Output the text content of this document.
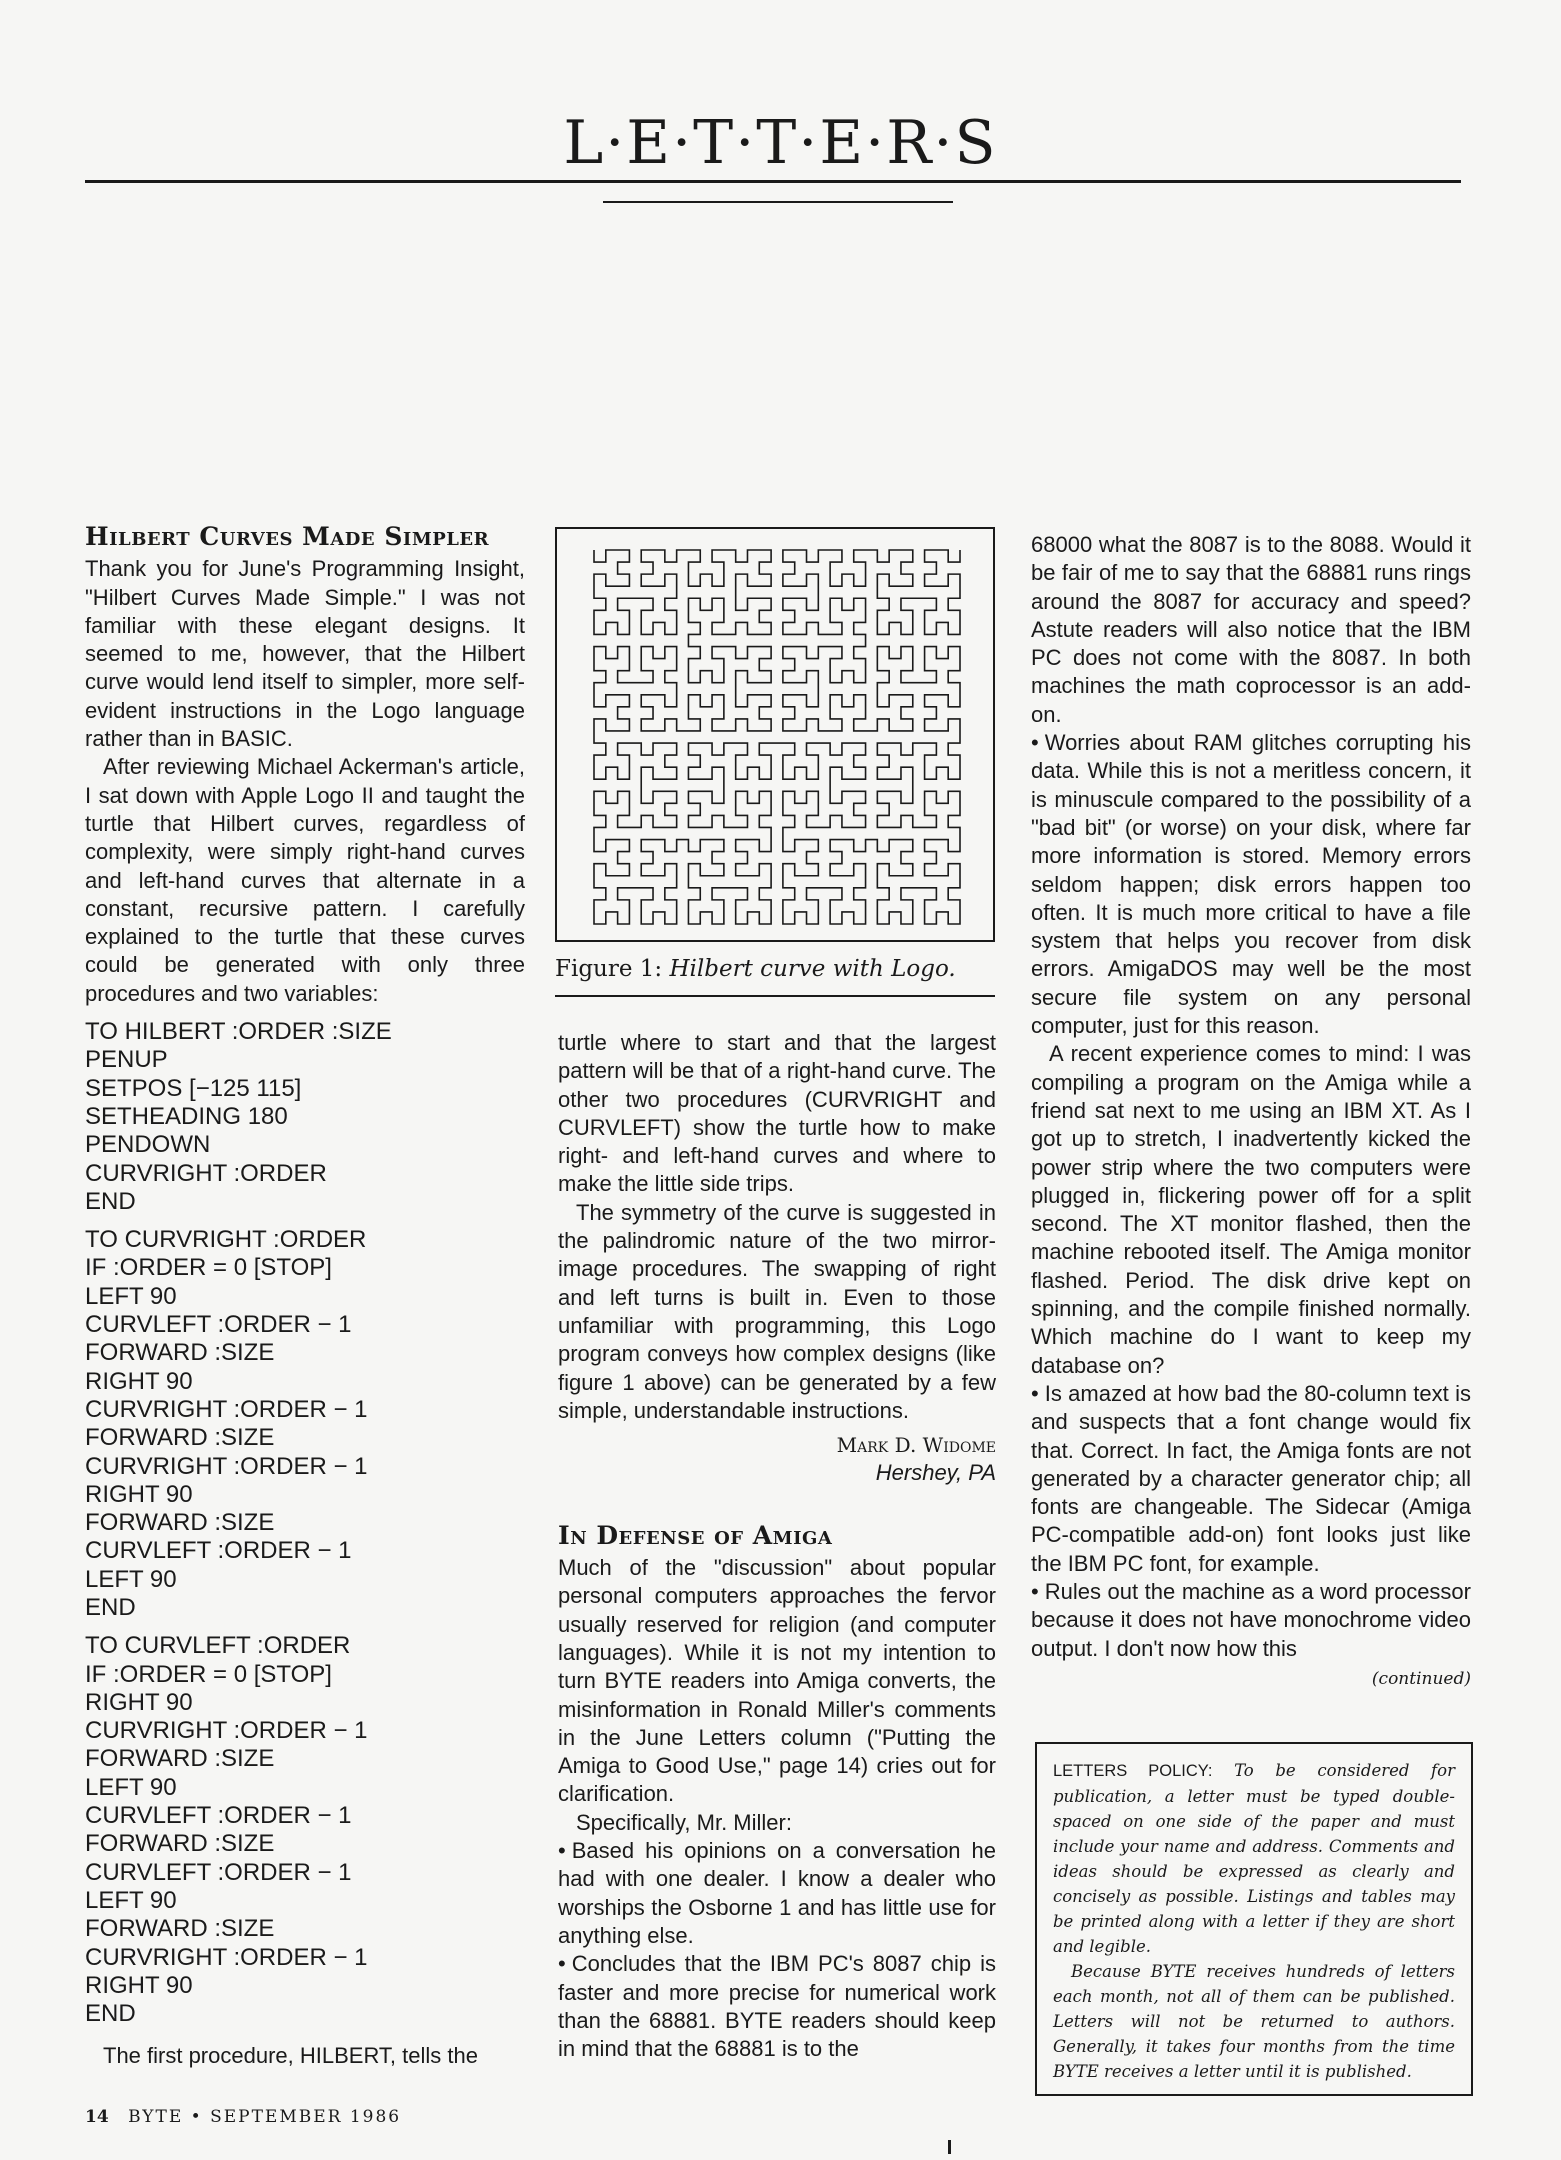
L·E·T·T·E·R·S
Hilbert Curves Made Simpler

Thank you for June's Programming Insight, "Hilbert Curves Made Simple." I was not familiar with these elegant designs. It seemed to me, however, that the Hilbert curve would lend itself to simpler, more self-evident instructions in the Logo language rather than in BASIC.

After reviewing Michael Ackerman's article, I sat down with Apple Logo II and taught the turtle that Hilbert curves, regardless of complexity, were simply right-hand curves and left-hand curves that alternate in a constant, recursive pattern. I carefully explained to the turtle that these curves could be generated with only three procedures and two variables:

TO HILBERT :ORDER :SIZE
PENUP
SETPOS [−125 115]
SETHEADING 180
PENDOWN
CURVRIGHT :ORDER
END
TO CURVRIGHT :ORDER
IF :ORDER = 0 [STOP]
LEFT 90
CURVLEFT :ORDER − 1
FORWARD :SIZE
RIGHT 90
CURVRIGHT :ORDER − 1
FORWARD :SIZE
CURVRIGHT :ORDER − 1
RIGHT 90
FORWARD :SIZE
CURVLEFT :ORDER − 1
LEFT 90
END
TO CURVLEFT :ORDER
IF :ORDER = 0 [STOP]
RIGHT 90
CURVRIGHT :ORDER − 1
FORWARD :SIZE
LEFT 90
CURVLEFT :ORDER − 1
FORWARD :SIZE
CURVLEFT :ORDER − 1
LEFT 90
FORWARD :SIZE
CURVRIGHT :ORDER − 1
RIGHT 90
END

The first procedure, HILBERT, tells the

Figure 1: Hilbert curve with Logo.

turtle where to start and that the largest pattern will be that of a right-hand curve. The other two procedures (CURVRIGHT and CURVLEFT) show the turtle how to make right- and left-hand curves and where to make the little side trips.

The symmetry of the curve is suggested in the palindromic nature of the two mirror-image procedures. The swapping of right and left turns is built in. Even to those unfamiliar with programming, this Logo program conveys how complex designs (like figure 1 above) can be generated by a few simple, understandable instructions.

Mark D. Widome
Hershey, PA
In Defense of Amiga

Much of the "discussion" about popular personal computers approaches the fervor usually reserved for religion (and computer languages). While it is not my intention to turn BYTE readers into Amiga converts, the misinformation in Ronald Miller's comments in the June Letters column ("Putting the Amiga to Good Use," page 14) cries out for clarification.

Specifically, Mr. Miller:

• Based his opinions on a conversation he had with one dealer. I know a dealer who worships the Osborne 1 and has little use for anything else.

• Concludes that the IBM PC's 8087 chip is faster and more precise for numerical work than the 68881. BYTE readers should keep in mind that the 68881 is to the

68000 what the 8087 is to the 8088. Would it be fair of me to say that the 68881 runs rings around the 8087 for accuracy and speed? Astute readers will also notice that the IBM PC does not come with the 8087. In both machines the math coprocessor is an add-on.

• Worries about RAM glitches corrupting his data. While this is not a meritless concern, it is minuscule compared to the possibility of a "bad bit" (or worse) on your disk, where far more information is stored. Memory errors seldom happen; disk errors happen too often. It is much more critical to have a file system that helps you recover from disk errors. AmigaDOS may well be the most secure file system on any personal computer, just for this reason.

A recent experience comes to mind: I was compiling a program on the Amiga while a friend sat next to me using an IBM XT. As I got up to stretch, I inadvertently kicked the power strip where the two computers were plugged in, flickering power off for a split second. The XT monitor flashed, then the machine rebooted itself. The Amiga monitor flashed. Period. The disk drive kept on spinning, and the compile finished normally. Which machine do I want to keep my database on?

• Is amazed at how bad the 80-column text is and suspects that a font change would fix that. Correct. In fact, the Amiga fonts are not generated by a character generator chip; all fonts are changeable. The Sidecar (Amiga PC-compatible add-on) font looks just like the IBM PC font, for example.

• Rules out the machine as a word processor because it does not have monochrome video output. I don't now how this

(continued)

LETTERS POLICY: To be considered for publication, a letter must be typed double-spaced on one side of the paper and must include your name and address. Comments and ideas should be expressed as clearly and concisely as possible. Listings and tables may be printed along with a letter if they are short and legible.

Because BYTE receives hundreds of letters each month, not all of them can be published. Letters will not be returned to authors. Generally, it takes four months from the time BYTE receives a letter until it is published.

14 BYTE • SEPTEMBER 1986
